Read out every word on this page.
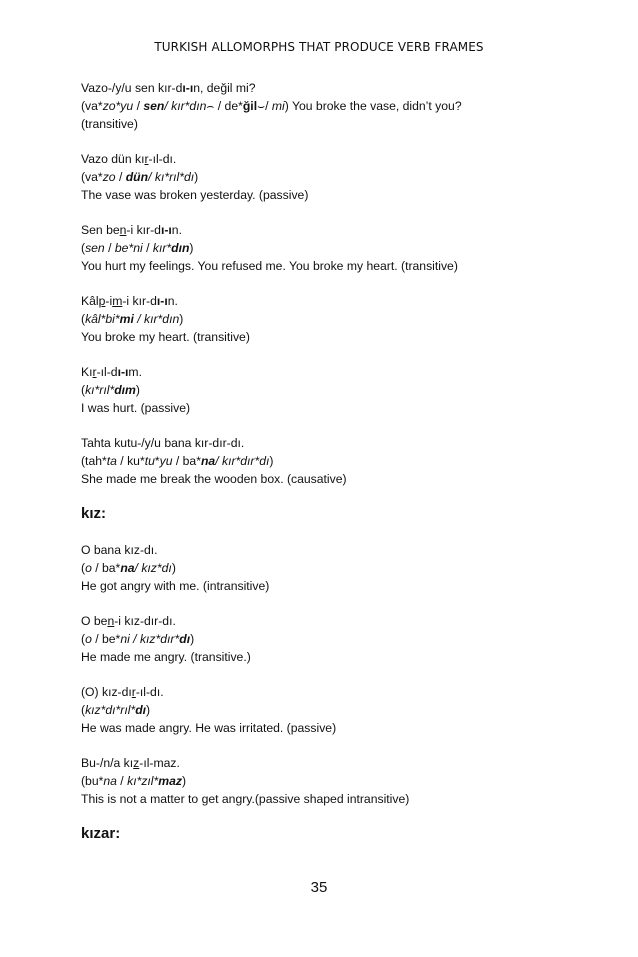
TURKISH ALLOMORPHS THAT PRODUCE VERB FRAMES
Vazo-/y/u sen kır-dı-ın, değil mi?
(va*zo*yu / sen/ kır*dın⌢ / de*ğil⌣/ mi) You broke the vase, didn’t you?
(transitive)
Vazo dün kır-ıl-dı.
(va*zo / dün/ kı*rıl*dı)
The vase was broken yesterday. (passive)
Sen ben-i kır-dı-ın.
(sen / be*ni / kır*dın)
You hurt my feelings. You refused me. You broke my heart. (transitive)
Kâlp-im-i kır-dı-ın.
(kâl*bi*mi / kır*dın)
You broke my heart. (transitive)
Kır-ıl-dı-ım.
(kı*rıl*dım)
I was hurt. (passive)
Tahta kutu-/y/u bana kır-dır-dı.
(tah*ta / ku*tu*yu / ba*na/ kır*dır*dı)
She made me break the wooden box. (causative)
kız:
O bana kız-dı.
(o / ba*na/ kız*dı)
He got angry with me. (intransitive)
O ben-i kız-dır-dı.
(o / be*ni / kız*dır*dı)
He made me angry. (transitive.)
(O) kız-dır-ıl-dı.
(kız*dı*rıl*dı)
He was made angry. He was irritated. (passive)
Bu-/n/a kız-ıl-maz.
(bu*na / kı*zıl*maz)
This is not a matter to get angry.(passive shaped intransitive)
kızar:
35
